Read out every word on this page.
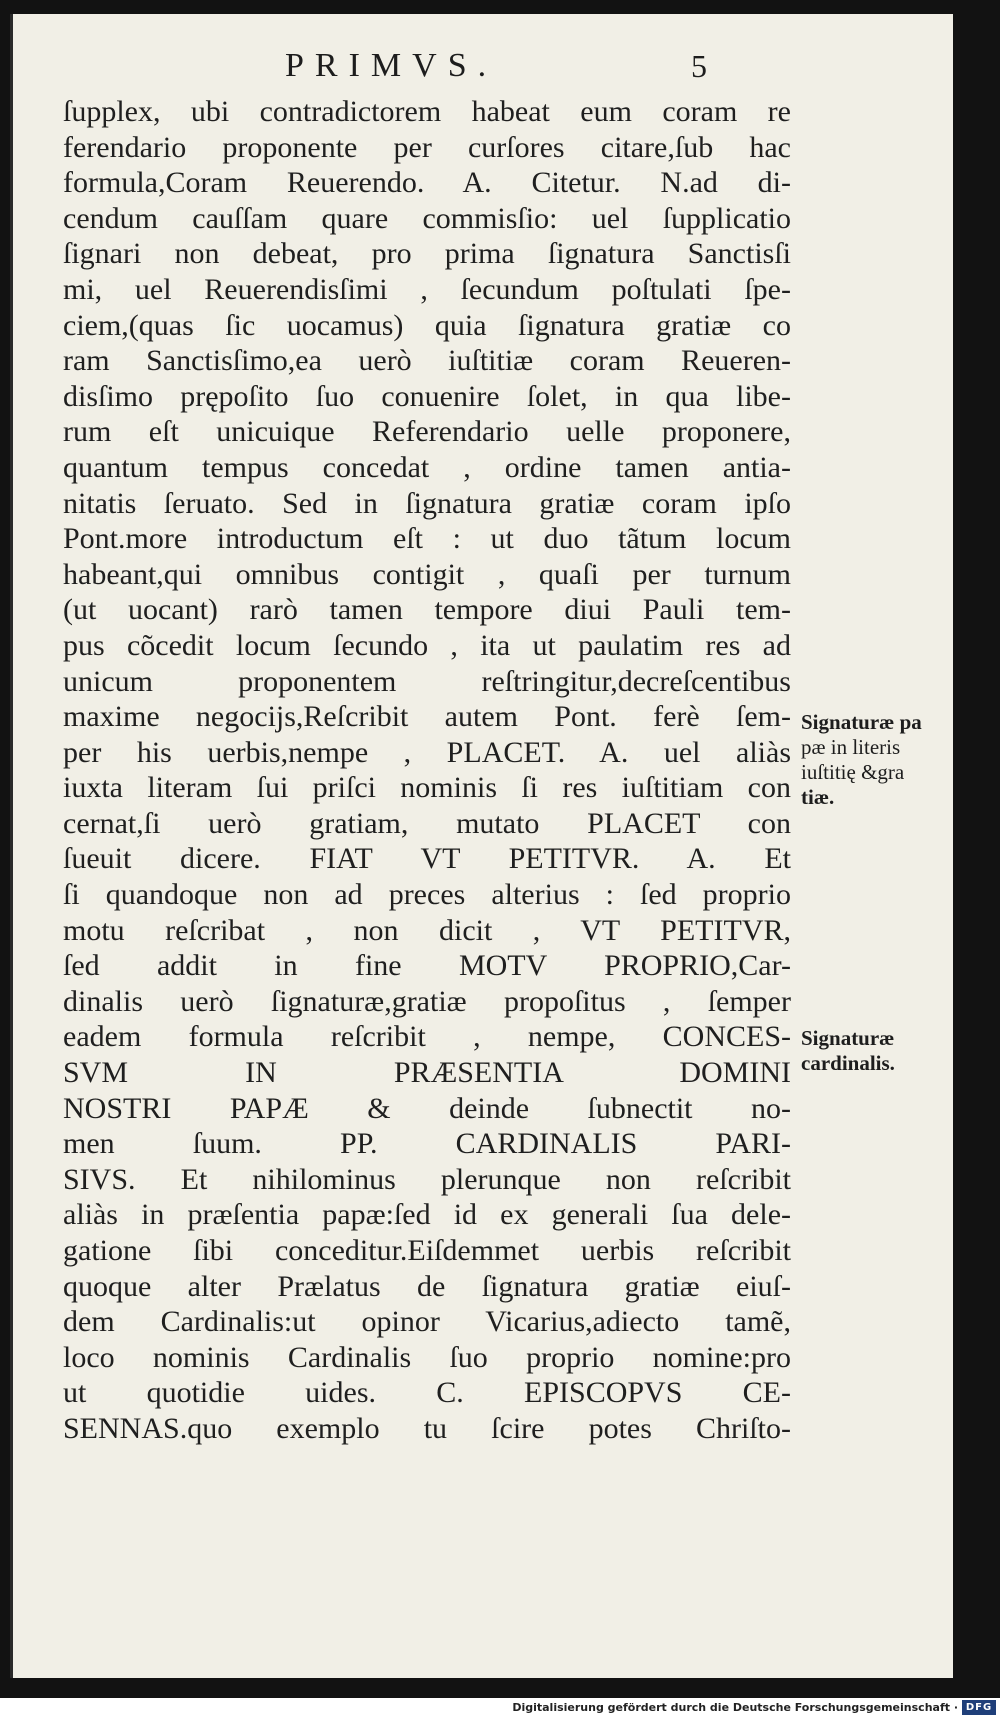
PRIMVS.	5
ſupplex, ubi contradictorem habeat eum coram re
ferendario proponente per curſores citare,ſub hac
formula,Coram Reuerendo. A. Citetur. N.ad di-
cendum cauſſam quare commisſio: uel ſupplicatio
ſignari non debeat, pro prima ſignatura Sanctisſi
mi, uel Reuerendisſimi , ſecundum poſtulati ſpe-
ciem,(quas ſic uocamus) quia ſignatura gratiæ co
ram Sanctisſimo,ea uerò iuſtitiæ coram Reueren-
disſimo prępoſito ſuo conuenire ſolet, in qua libe-
rum eſt unicuique Referendario uelle proponere,
quantum tempus concedat , ordine tamen antia-
nitatis ſeruato. Sed in ſignatura gratiæ coram ipſo
Pont.more introductum eſt : ut duo tãtum locum
habeant,qui omnibus contigit , quaſi per turnum
(ut uocant) rarò tamen tempore diui Pauli tem-
pus cõcedit locum ſecundo , ita ut paulatim res ad
unicum proponentem reſtringitur,decreſcentibus
maxime negocijs,Reſcribit autem Pont. ferè ſem-
per his uerbis,nempe , PLACET. A. uel aliàs
iuxta literam ſui priſci nominis ſi res iuſtitiam con
cernat,ſi uerò gratiam, mutato PLACET con
ſueuit dicere. FIAT VT PETITVR. A. Et
ſi quandoque non ad preces alterius : ſed proprio
motu reſcribat , non dicit , VT PETITVR,
ſed addit in fine MOTV PROPRIO,Car-
dinalis uerò ſignaturæ,gratiæ propoſitus , ſemper
eadem formula reſcribit , nempe, CONCES-
SVM IN PRÆSENTIA DOMINI
NOSTRI PAPÆ & deinde ſubnectit no-
men ſuum. PP. CARDINALIS PARI-
SIVS. Et nihilominus plerunque non reſcribit
aliàs in præſentia papæ:ſed id ex generali ſua dele-
gatione ſibi conceditur.Eiſdemmet uerbis reſcribit
quoque alter Prælatus de ſignatura gratiæ eiuſ-
dem Cardinalis:ut opinor Vicarius,adiecto tamẽ,
loco nominis Cardinalis ſuo proprio nomine:pro
ut quotidie uides. C. EPISCOPVS CE-
SENNAS.quo exemplo tu ſcire potes Chriſto-
Signaturæ pa
pæ in literis
iuſtitię &gra
tiæ.
Signaturæ
cardinalis.
Digitalisierung gefördert durch die Deutsche Forschungsgemeinschaft · DFG
